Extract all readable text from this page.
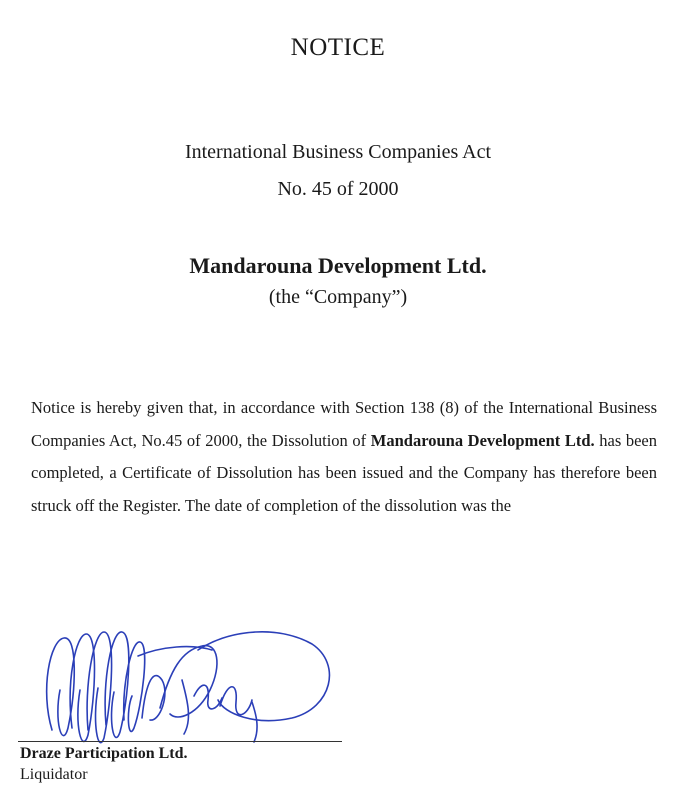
NOTICE
International Business Companies Act
No. 45 of 2000
Mandarouna Development Ltd.
(the “Company”)
Notice is hereby given that, in accordance with Section 138 (8) of the International Business Companies Act, No.45 of 2000, the Dissolution of Mandarouna Development Ltd. has been completed, a Certificate of Dissolution has been issued and the Company has therefore been struck off the Register. The date of completion of the dissolution was the
Draze Participation Ltd.
Liquidator
